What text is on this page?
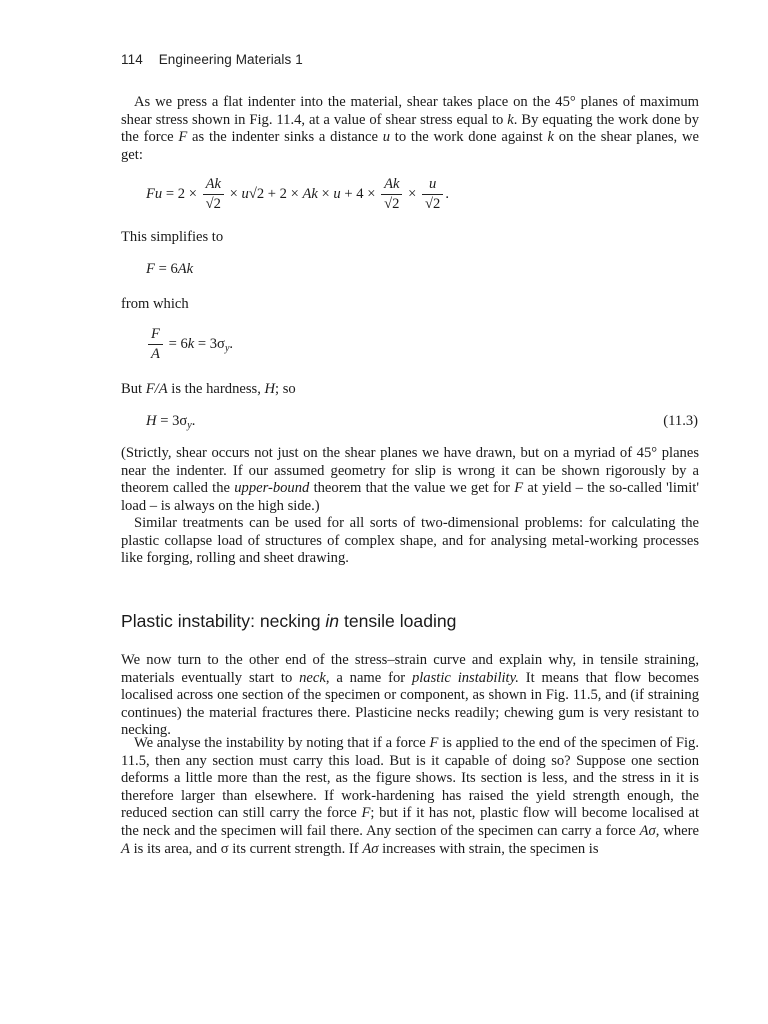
114 Engineering Materials 1

As we press a flat indenter into the material, shear takes place on the 45° planes of maximum shear stress shown in Fig. 11.4, at a value of shear stress equal to k. By equating the work done by the force F as the indenter sinks a distance u to the work done against k on the shear planes, we get:

$Fu = 2 \times \frac{Ak}{√2} \times u√2 + 2 \times Ak \times u + 4 \times \frac{Ak}{√2} \times \frac{u}{√2}$ .

This simplifies to

F = 6Ak

from which

$\frac{F}{A} = 6k = 3\sigma_y$.

But F/A is the hardness, H; so

$H = 3\sigma_y$.	(11.3)

(Strictly, shear occurs not just on the shear planes we have drawn, but on a myriad of 45° planes near the indenter. If our assumed geometry for slip is wrong it can be shown rigorously by a theorem called the upper-bound theorem that the value we get for F at yield – the so-called 'limit' load – is always on the high side.)

Similar treatments can be used for all sorts of two-dimensional problems: for calculating the plastic collapse load of structures of complex shape, and for analysing metal-working processes like forging, rolling and sheet drawing.

Plastic instability: necking in tensile loading

We now turn to the other end of the stress–strain curve and explain why, in tensile straining, materials eventually start to neck, a name for plastic instability. It means that flow becomes localised across one section of the specimen or component, as shown in Fig. 11.5, and (if straining continues) the material fractures there. Plasticine necks readily; chewing gum is very resistant to necking.

We analyse the instability by noting that if a force F is applied to the end of the specimen of Fig. 11.5, then any section must carry this load. But is it capable of doing so? Suppose one section deforms a little more than the rest, as the figure shows. Its section is less, and the stress in it is therefore larger than elsewhere. If work-hardening has raised the yield strength enough, the reduced section can still carry the force F; but if it has not, plastic flow will become localised at the neck and the specimen will fail there. Any section of the specimen can carry a force Aσ, where A is its area, and σ its current strength. If Aσ increases with strain, the specimen is
